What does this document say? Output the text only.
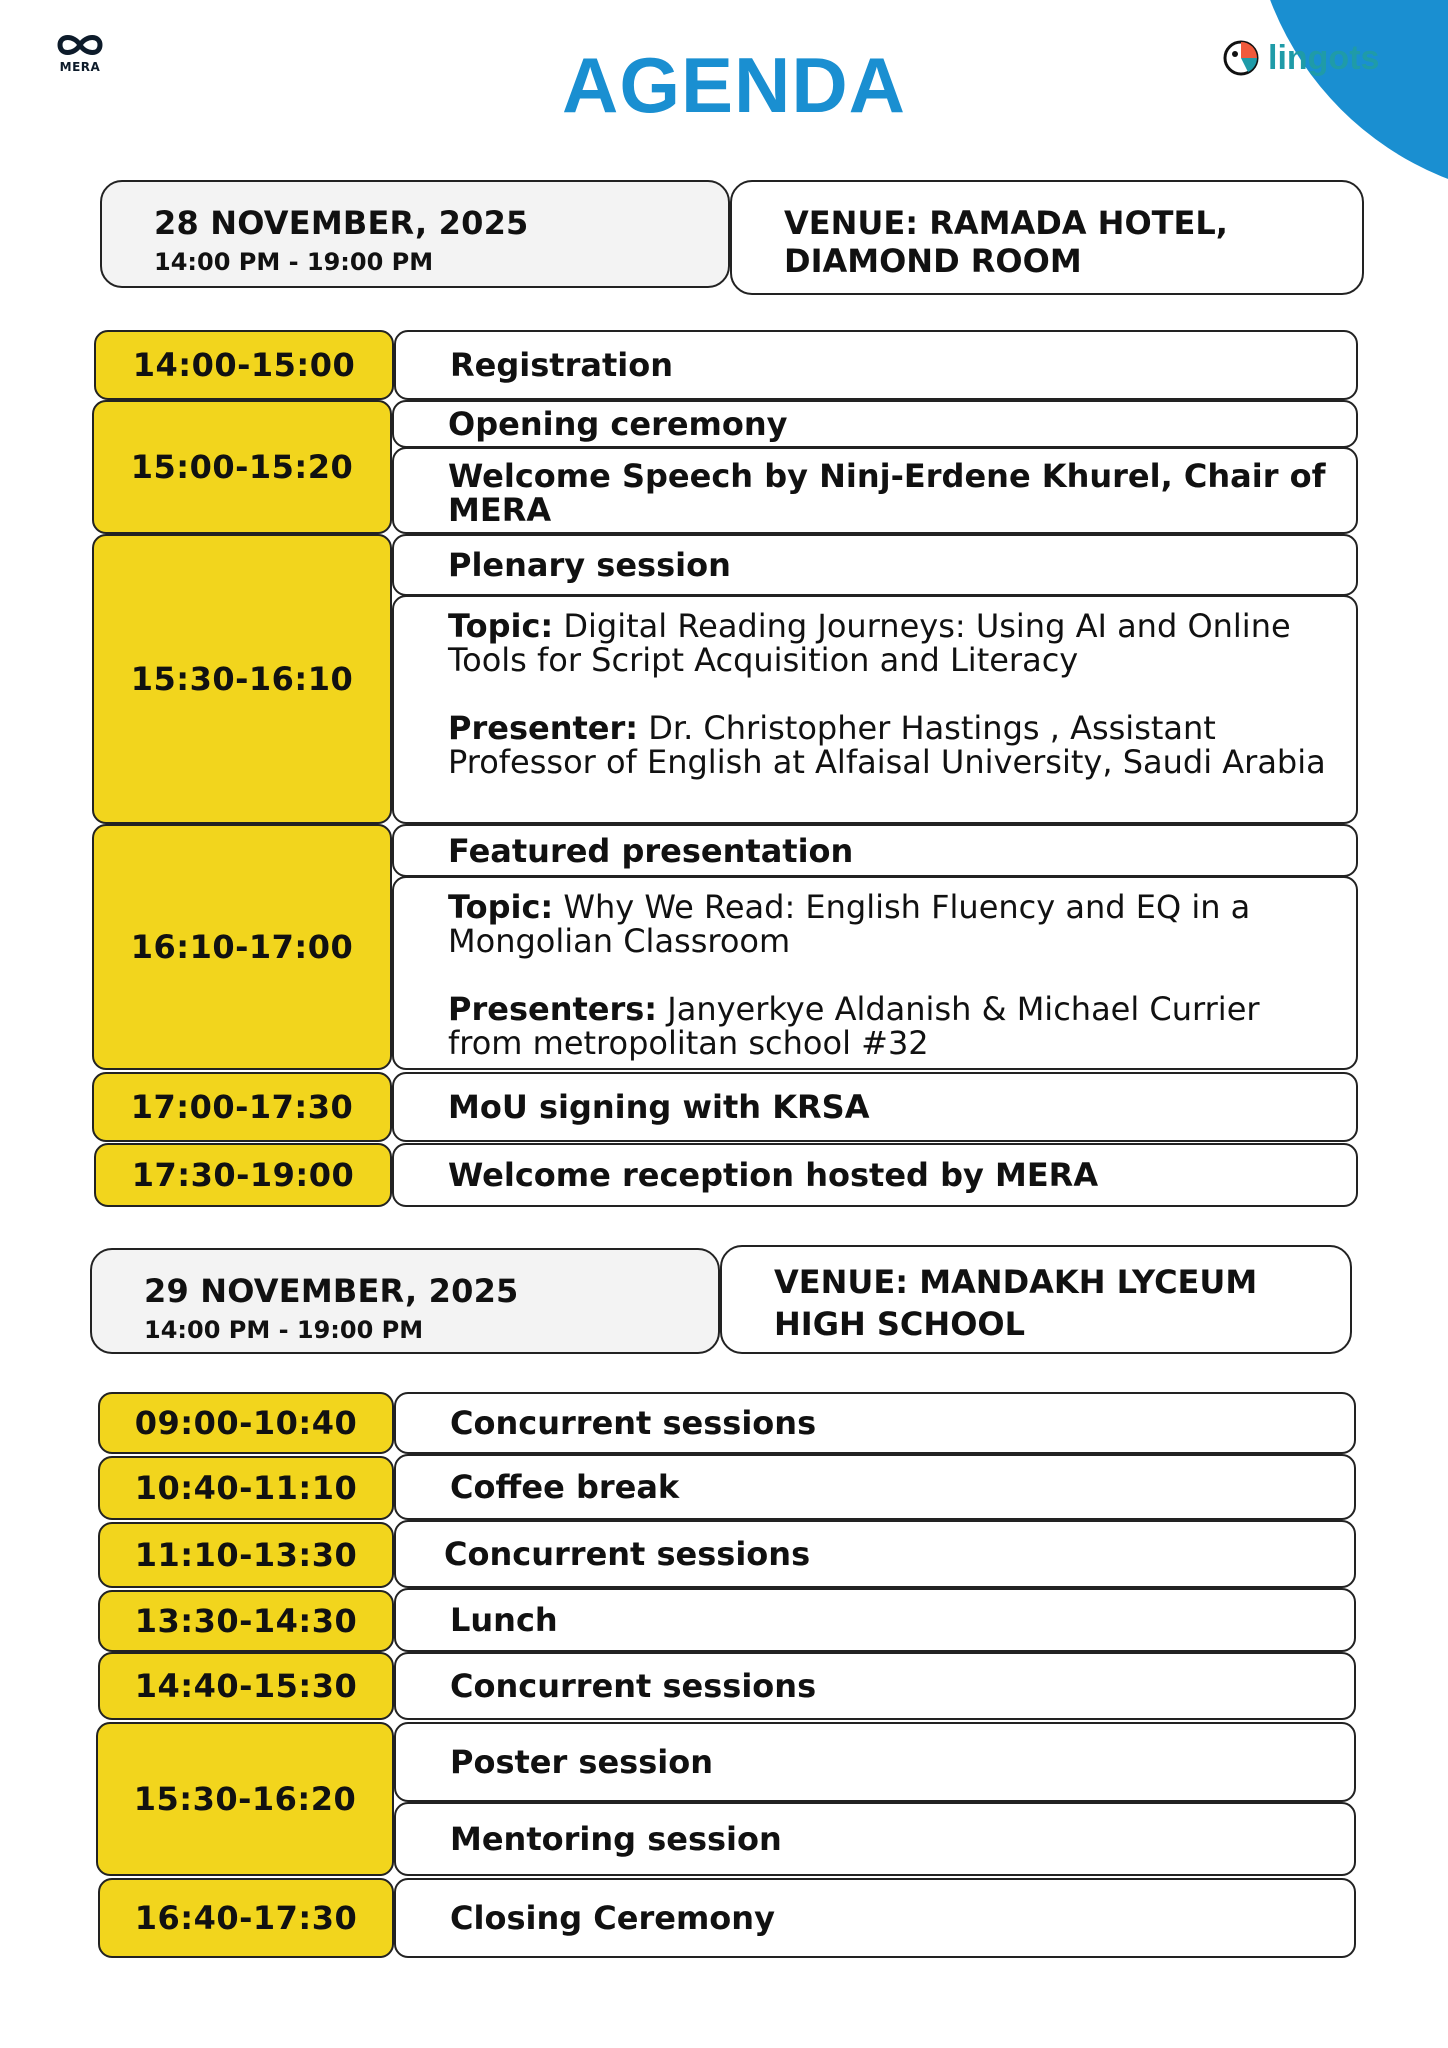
MERA	AGENDA	lingots
28 NOVEMBER, 2025
14:00 PM - 19:00 PM
VENUE: RAMADA HOTEL,
DIAMOND ROOM
14:00-15:00	Registration
15:00-15:20
Opening ceremony
Welcome Speech by Ninj-Erdene Khurel, Chair of MERA
15:30-16:10
Plenary session
Topic: Digital Reading Journeys: Using AI and Online Tools for Script Acquisition and Literacy
Presenter: Dr. Christopher Hastings , Assistant Professor of English at Alfaisal University, Saudi Arabia
16:10-17:00
Featured presentation
Topic: Why We Read: English Fluency and EQ in a Mongolian Classroom
Presenters: Janyerkye Aldanish & Michael Currier from metropolitan school #32
17:00-17:30	MoU signing with KRSA
17:30-19:00	Welcome reception hosted by MERA
29 NOVEMBER, 2025
14:00 PM - 19:00 PM
VENUE: MANDAKH LYCEUM
HIGH SCHOOL
09:00-10:40	Concurrent sessions
10:40-11:10	Coffee break
11:10-13:30	Concurrent sessions
13:30-14:30	Lunch
14:40-15:30	Concurrent sessions
15:30-16:20
Poster session
Mentoring session
16:40-17:30	Closing Ceremony
